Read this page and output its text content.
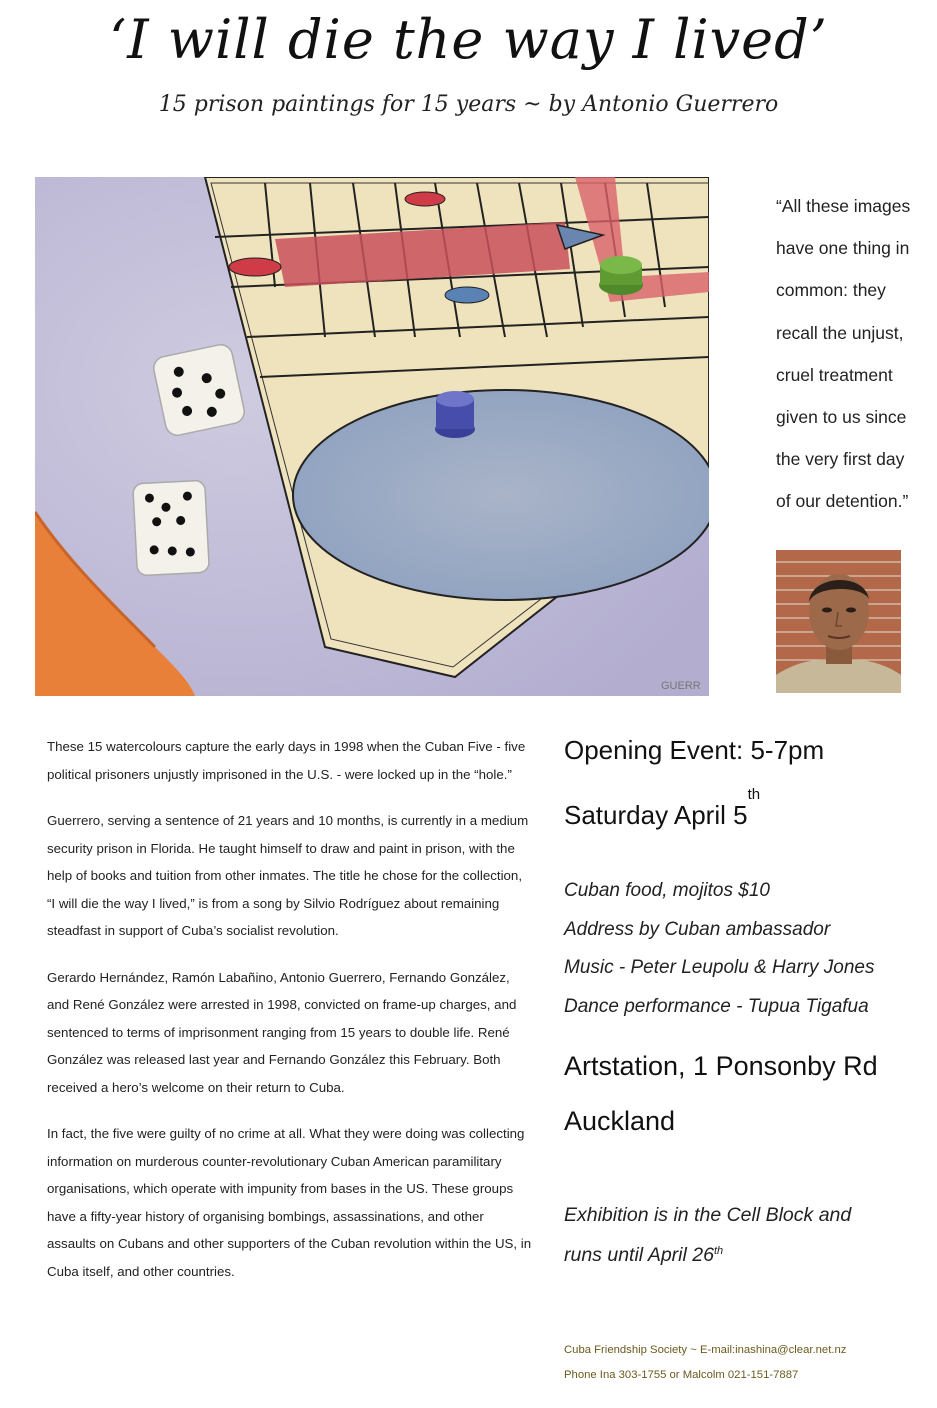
‘I will die the way I lived’
15 prison paintings for 15 years ~ by Antonio Guerrero
GUERR
“All these images
have one thing in
common: they
recall the unjust,
cruel treatment
given to us since
the very first day
of our detention.”

These 15 watercolours capture the early days in 1998 when the Cuban Five - five political prisoners unjustly imprisoned in the U.S. - were locked up in the “hole.”

Guerrero, serving a sentence of 21 years and 10 months, is currently in a medium security prison in Florida. He taught himself to draw and paint in prison, with the help of books and tuition from other inmates. The title he chose for the collection, “I will die the way I lived,” is from a song by Silvio Rodríguez about remaining steadfast in support of Cuba’s socialist revolution.

Gerardo Hernández, Ramón Labañino, Antonio Guerrero, Fernando González, and René González were arrested in 1998, convicted on frame-up charges, and sentenced to terms of imprisonment ranging from 15 years to double life. René González was released last year and Fernando González this February. Both received a hero’s welcome on their return to Cuba.

In fact, the five were guilty of no crime at all. What they were doing was collecting information on murderous counter-revolutionary Cuban American paramilitary organisations, which operate with impunity from bases in the US. These groups have a fifty-year history of organising bombings, assassinations, and other assaults on Cubans and other supporters of the Cuban revolution within the US, in Cuba itself, and other countries.

Opening Event: 5-7pm
Saturday April 5th
Cuban food, mojitos $10
Address by Cuban ambassador
Music - Peter Leupolu & Harry Jones
Dance performance - Tupua Tigafua
Artstation, 1 Ponsonby Rd
Auckland
Exhibition is in the Cell Block and
runs until April 26th
Cuba Friendship Society ~ E-mail:inashina@clear.net.nz
Phone Ina 303-1755 or Malcolm 021-151-7887
